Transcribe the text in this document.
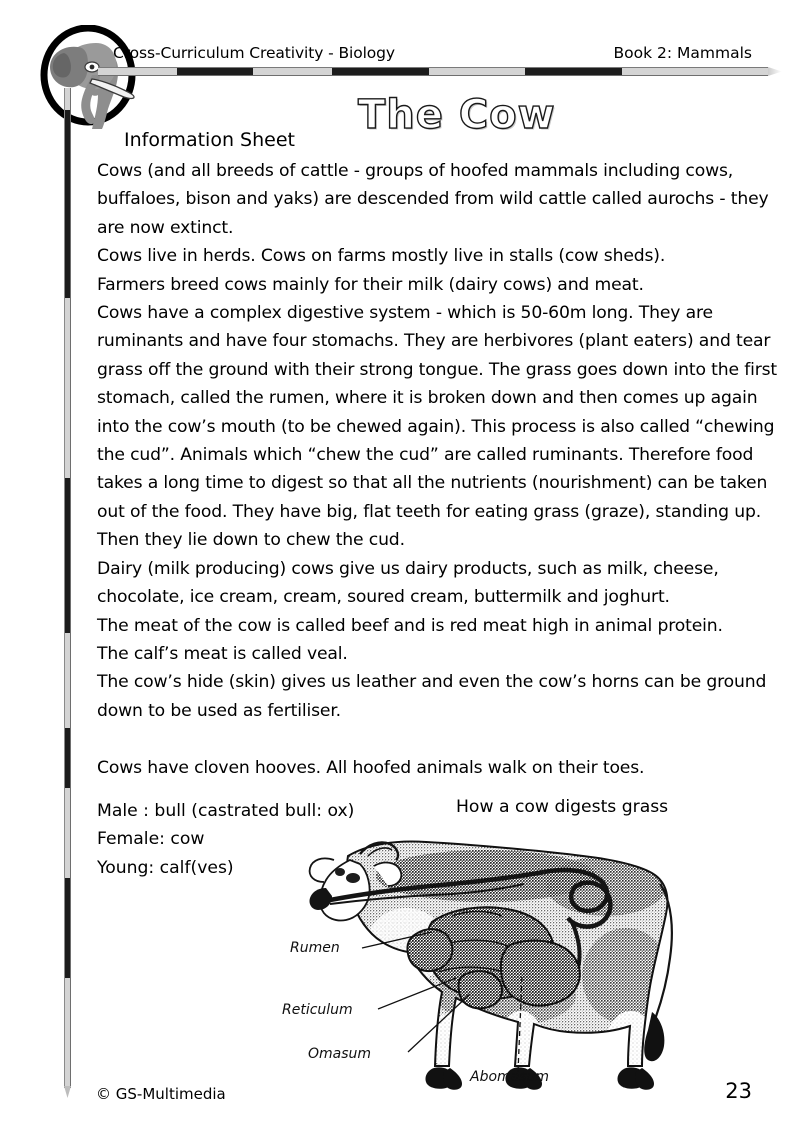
Cross-Curriculum Creativity - Biology	Book 2: Mammals
The Cow
Information Sheet

Cows (and all breeds of cattle - groups of hoofed mammals including cows, buffaloes, bison and yaks) are descended from wild cattle called aurochs - they are now extinct.

Cows live in herds. Cows on farms mostly live in stalls (cow sheds).

Farmers breed cows mainly for their milk (dairy cows) and meat.

Cows have a complex digestive system - which is 50-60m long. They are ruminants and have four stomachs. They are herbivores (plant eaters) and tear grass off the ground with their strong tongue. The grass goes down into the first stomach, called the rumen, where it is broken down and then comes up again into the cow’s mouth (to be chewed again). This process is also called “chewing the cud”. Animals which “chew the cud” are called ruminants. Therefore food takes a long time to digest so that all the nutrients (nourishment) can be taken out of the food. They have big, flat teeth for eating grass (graze), standing up. Then they lie down to chew the cud.

Dairy (milk producing) cows give us dairy products, such as milk, cheese, chocolate, ice cream, cream, soured cream, buttermilk and joghurt.

The meat of the cow is called beef and is red meat high in animal protein.

The calf’s meat is called veal.

The cow’s hide (skin) gives us leather and even the cow’s horns can be ground down to be used as fertiliser.

Cows have cloven hooves. All hoofed animals walk on their toes.

Male : bull (castrated bull: ox)
Female: cow
Young: calf(ves)
How a cow digests grass
Rumen
Reticulum
Omasum
Abomasum
© GS-Multimedia	23
